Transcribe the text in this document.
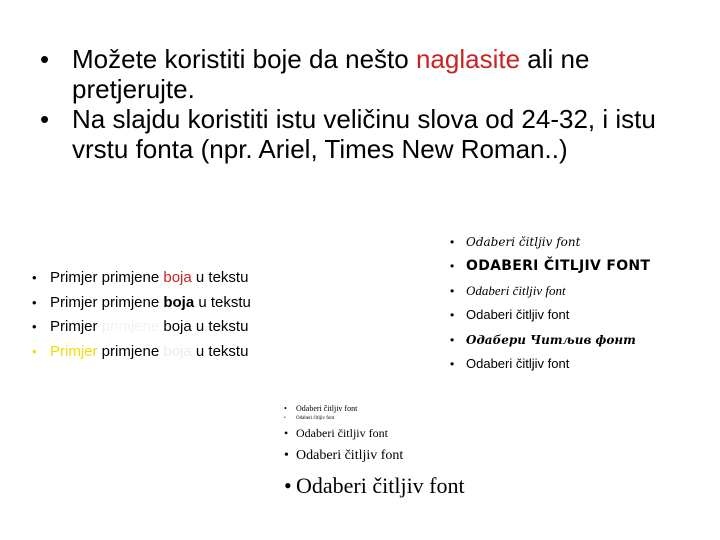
• Možete koristiti boje da nešto naglasite ali ne pretjerujte.
• Na slajdu koristiti istu veličinu slova od 24-32, i istu vrstu fonta (npr. Ariel, Times New Roman..)
• Primjer primjene boja u tekstu
• Primjer primjene boja u tekstu
• Primjer primjene boja u tekstu
• Primjer primjene boja u tekstu
• Odaberi čitljiv font
• ODABERI ČITLJIV FONT
• Odaberi čitljiv font
• Odaberi čitljiv font
• Одабери Читљив фонт
• Odaberi čitljiv font
• Odaberi čitljiv font
• Odaberi čitljiv font
• Odaberi čitljiv font
• Odaberi čitljiv font
• Odaberi čitljiv font
